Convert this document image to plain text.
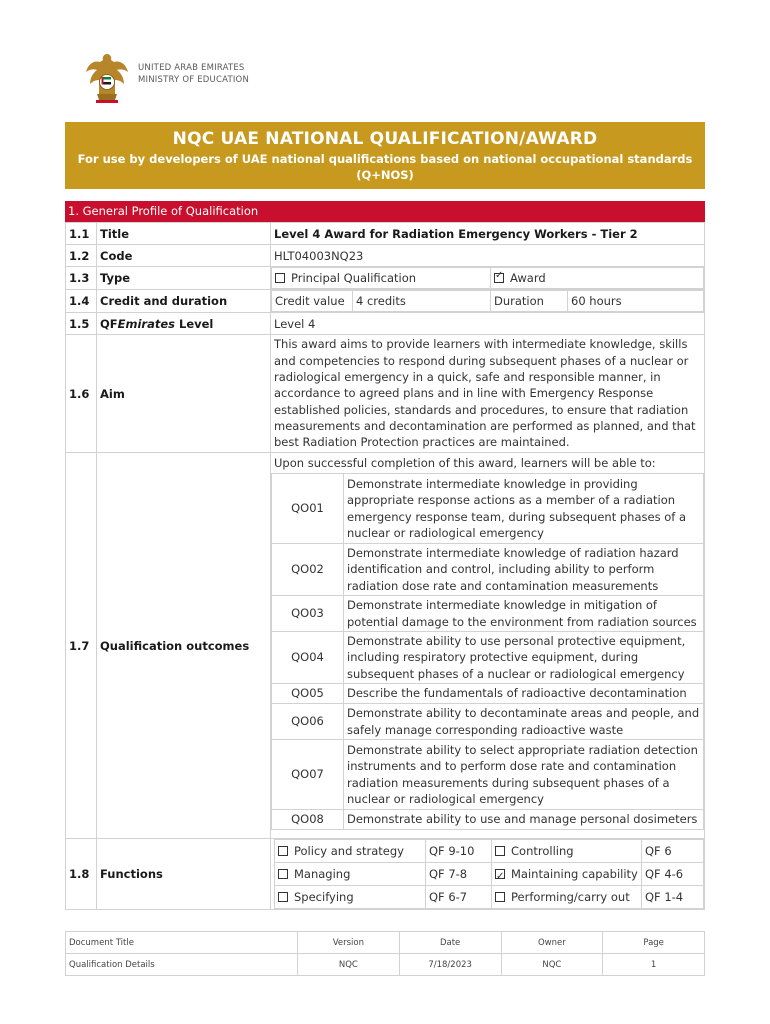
UNITED ARAB EMIRATES
MINISTRY OF EDUCATION
NQC UAE NATIONAL QUALIFICATION/AWARD
For use by developers of UAE national qualifications based on national occupational standards (Q+NOS)
1. General Profile of Qualification
1.1	Title	Level 4 Award for Radiation Emergency Workers - Tier 2
1.2	Code	HLT04003NQ23
1.3	Type		Principal Qualification	✓Award

1.4	Credit and duration		Credit value	4 credits	Duration	60 hours

1.5	QFEmirates Level	Level 4
1.6	Aim	This award aims to provide learners with intermediate knowledge, skills and competencies to respond during subsequent phases of a nuclear or radiological emergency in a quick, safe and responsible manner, in accordance to agreed plans and in line with Emergency Response established policies, standards and procedures, to ensure that radiation measurements and decontamination are performed as planned, and that best Radiation Protection practices are maintained.
1.7	Qualification outcomes	
Upon successful completion of this award, learners will be able to:
QO01	Demonstrate intermediate knowledge in providing appropriate response actions as a member of a radiation emergency response team, during subsequent phases of a nuclear or radiological emergency
QO02	Demonstrate intermediate knowledge of radiation hazard identification and control, including ability to perform radiation dose rate and contamination measurements
QO03	Demonstrate intermediate knowledge in mitigation of potential damage to the environment from radiation sources
QO04	Demonstrate ability to use personal protective equipment, including respiratory protective equipment, during subsequent phases of a nuclear or radiological emergency
QO05	Describe the fundamentals of radioactive decontamination
QO06	Demonstrate ability to decontaminate areas and people, and safely manage corresponding radioactive waste
QO07	Demonstrate ability to select appropriate radiation detection instruments and to perform dose rate and contamination radiation measurements during subsequent phases of a nuclear or radiological emergency
QO08	Demonstrate ability to use and manage personal dosimeters

1.8	Functions	
Policy and strategy	QF 9-10	Controlling	QF 6
Managing	QF 7-8	✓Maintaining capability	QF 4-6
Specifying	QF 6-7	Performing/carry out	QF 1-4
Document Title	Version	Date	Owner	Page
Qualification Details	NQC	7/18/2023	NQC	1
